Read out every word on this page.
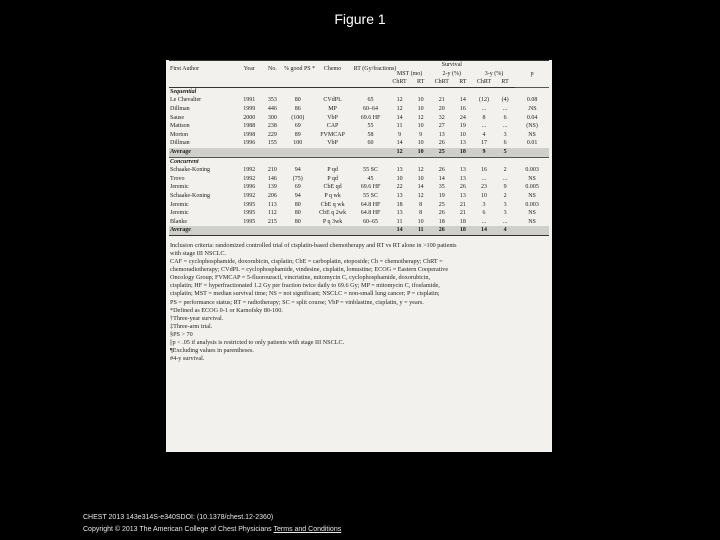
Figure 1
First Author	Year	No.	% good PS *	Chemo	RT (Gy/fractions)	Survival						p
						MST (mo)		2-y (%)		3-y (%)		
						ChRT	RT	ChRT	RT	ChRT	RT	
Sequential												
Le Chevalier	1991	353	80	CVdPL	65	12	10	21	14	(12)	(4)	0.08
Dillman	1999	446	86	MP	60–64	12	10	20	16	...	...	.NS
Sause	2000	300	(100)	VbP	69.6 HF	14	12	32	24	8	6	0.04
Mattson	1988	238	69	CAP	55	11	10	27	19	...	...	(NS)
Morton	1998	229	89	FVMCAP	58	9	9	13	10	4	3	NS
Dillman	1996	155	100	VbP	60	14	10	26	13	17	6	0.01
Average						12	10	25	18	9	5	
Concurrent												
Schaake-Koning	1992	210	94	P qd	55 SC	13	12	26	13	16	2	0.003
Trovo	1992	146	(75)	P qd	45	10	10	14	13	...	...	NS
Jeremic	1996	139	69	CbE qd	69.6 HF	22	14	35	26	23	9	0.005
Schaake-Koning	1992	206	94	P q wk	55 SC	13	12	19	13	10	2	NS
Jeremic	1995	113	80	CbE q wk	64.8 HF	18	8	25	21	3	3	0.003
Jeremic	1995	112	80	CbE q 2wk	64.8 HF	13	8	26	21	6	3	NS
Blanke	1995	215	80	P q 3wk	60–65	11	10	18	18	...	...	NS
Average						14	11	26	18	14	4	
Inclusion criteria: randomized controlled trial of cisplatin-based chemotherapy and RT vs RT alone in >100 patients
with stage III NSCLC.
CAF = cyclophosphamide, doxorubicin, cisplatin; CbE = carboplatin, etoposide; Ch = chemotherapy; ChRT =
chemoradiotherapy; CVdPL = cyclophosphamide, vindesine, cisplatin, lomustine; ECOG = Eastern Cooperative
Oncology Group; FVMCAP = 5-fluorouracil, vincristine, mitomycin C, cyclophosphamide, doxorubicin,
cisplatin; HF = hyperfractionated 1.2 Gy per fraction twice daily to 69.6 Gy; MP = mitomycin C, ifosfamide,
cisplatin; MST = median survival time; NS = not significant; NSCLC = non-small lung cancer; P = cisplatin;
PS = performance status; RT = radiotherapy; SC = split course; VbP = vinblastine, cisplatin, y = years.
*Defined as ECOG 0-1 or Karnofsky 80-100.
†Three-year survival.
‡Three-arm trial.
§PS > 70
||p < .05 if analysis is restricted to only patients with stage III NSCLC.
¶Excluding values in parentheses.
#4-y survival.
CHEST 2013 143e314S-e340SDOI: (10.1378/chest.12-2360)
Copyright © 2013 The American College of Chest Physicians Terms and Conditions
